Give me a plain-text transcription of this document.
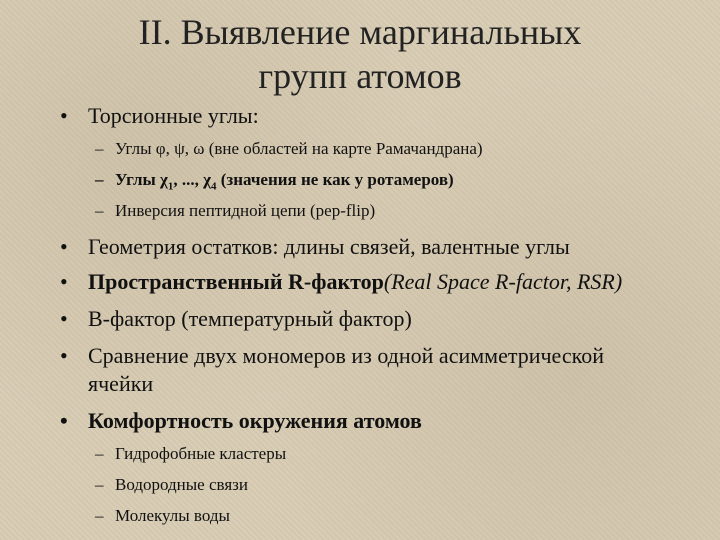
II. Выявление маргинальных
групп атомов
• Торсионные углы:
– Углы φ, ψ, ω (вне областей на карте Рамачандрана)
– Углы $\chi_1$, ..., $\chi_4$ (значения не как у ротамеров)
– Инверсия пептидной цепи (pep-flip)
• Геометрия остатков: длины связей, валентные углы
• Пространственный R-фактор(Real Space R-factor, RSR)
• B-фактор (температурный фактор)
• Сравнение двух мономеров из одной асимметрической
ячейки
• Комфортность окружения атомов
– Гидрофобные кластеры
– Водородные связи
– Молекулы воды
